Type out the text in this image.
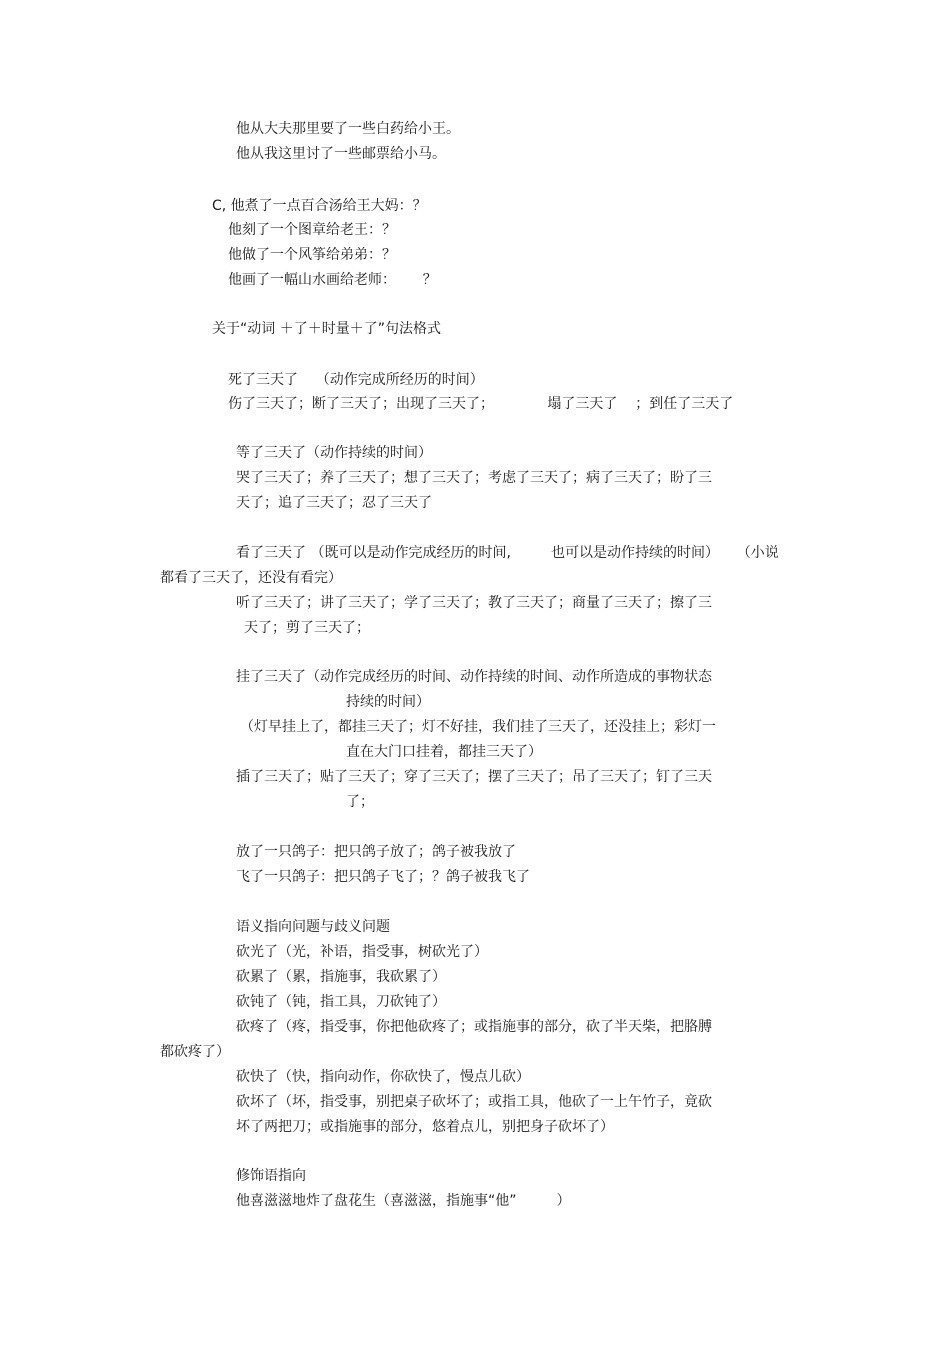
他从大夫那里要了一些白药给小王。
他从我这里讨了一些邮票给小马。
C, 他煮了一点百合汤给王大妈：？
他刻了一个图章给老王：？
他做了一个风筝给弟弟：？
他画了一幅山水画给老师：      ？
关于“动词 ＋了＋时量＋了”句法格式
死了三天了    （动作完成所经历的时间）
伤了三天了；断了三天了；出现了三天了；            塌了三天了    ；到任了三天了
等了三天了（动作持续的时间）
哭了三天了；养了三天了；想了三天了；考虑了三天了；病了三天了；盼了三
天了；追了三天了；忍了三天了
看了三天了 （既可以是动作完成经历的时间,         也可以是动作持续的时间）    （小说
都看了三天了，还没有看完）
听了三天了；讲了三天了；学了三天了；教了三天了；商量了三天了；擦了三
天了；剪了三天了；
挂了三天了（动作完成经历的时间、动作持续的时间、动作所造成的事物状态
持续的时间）
（灯早挂上了，都挂三天了；灯不好挂，我们挂了三天了，还没挂上；彩灯一
直在大门口挂着，都挂三天了）
插了三天了；贴了三天了；穿了三天了；摆了三天了；吊了三天了；钉了三天
了；
放了一只鸽子：把只鸽子放了；鸽子被我放了
飞了一只鸽子：把只鸽子飞了；？鸽子被我飞了
语义指向问题与歧义问题
砍光了（光，补语，指受事，树砍光了）
砍累了（累，指施事，我砍累了）
砍钝了（钝，指工具，刀砍钝了）
砍疼了（疼，指受事，你把他砍疼了；或指施事的部分，砍了半天柴，把胳膊
都砍疼了）
砍快了（快，指向动作，你砍快了，慢点儿砍）
砍坏了（坏，指受事，别把桌子砍坏了；或指工具，他砍了一上午竹子，竟砍
坏了两把刀；或指施事的部分，悠着点儿，别把身子砍坏了）
修饰语指向
他喜滋滋地炸了盘花生（喜滋滋，指施事“他”         ）
